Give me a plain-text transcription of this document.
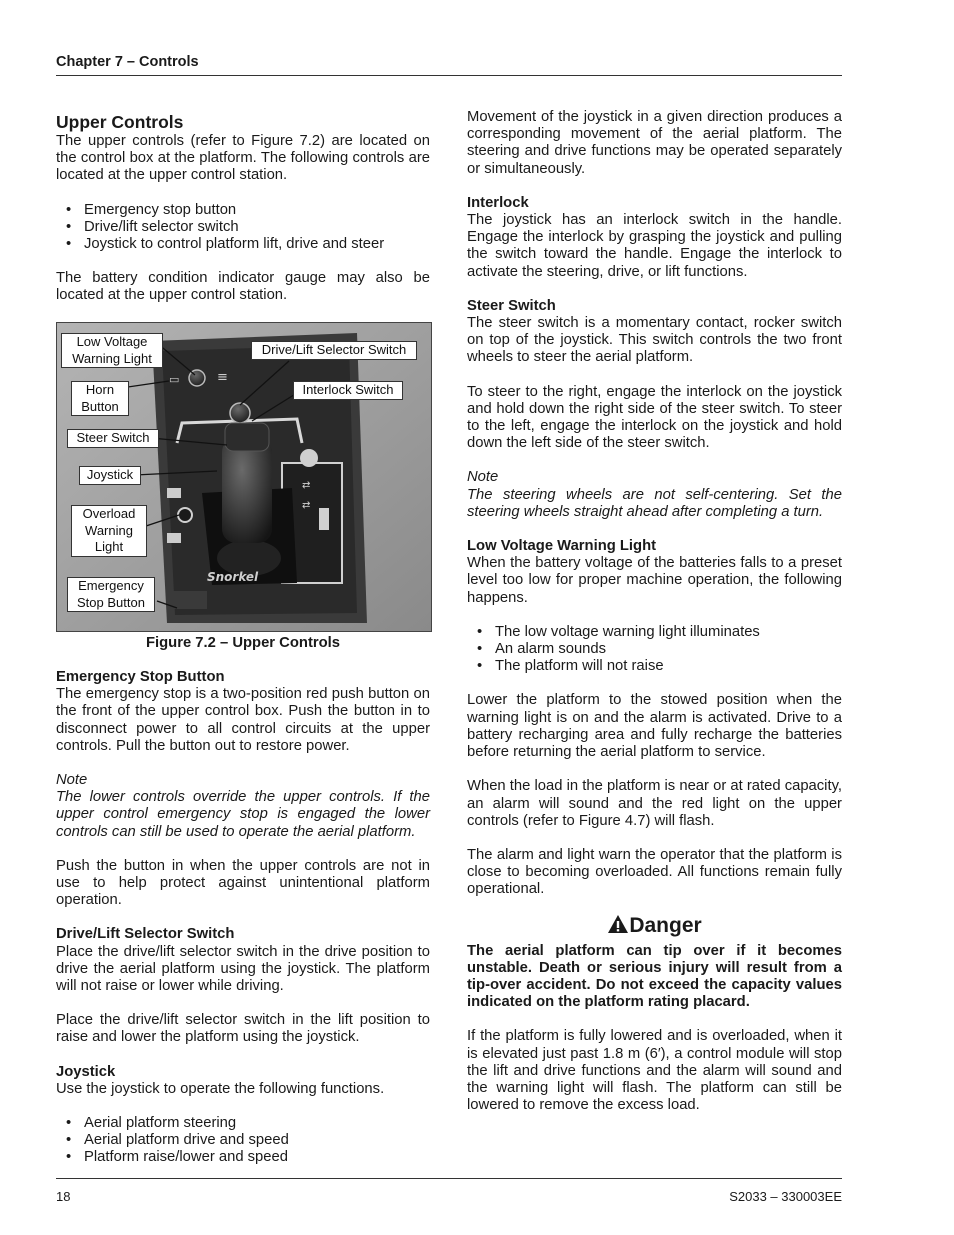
Chapter 7 – Controls

Upper Controls

The upper controls (refer to Figure 7.2) are located on the control box at the platform. The following controls are located at the upper control station.

• Emergency stop button
• Drive/lift selector switch
• Joystick to control platform lift, drive and steer

The battery condition indicator gauge may also be located at the upper control station.

⇄
⇄
▭	≡
Snorkel
Low Voltage
Warning Light
Horn
Button
Steer Switch
Joystick
Overload
Warning
Light
Emergency
Stop Button
Drive/Lift Selector Switch
Interlock Switch
Figure 7.2 – Upper Controls

Emergency Stop Button

The emergency stop is a two-position red push button on the front of the upper control box. Push the button in to disconnect power to all control circuits at the upper controls. Pull the button out to restore power.

Note

The lower controls override the upper controls. If the upper control emergency stop is engaged the lower controls can still be used to operate the aerial platform.

Push the button in when the upper controls are not in use to help protect against unintentional platform operation.

Drive/Lift Selector Switch

Place the drive/lift selector switch in the drive position to drive the aerial platform using the joystick. The platform will not raise or lower while driving.

Place the drive/lift selector switch in the lift position to raise and lower the platform using the joystick.

Joystick

Use the joystick to operate the following functions.

• Aerial platform steering
• Aerial platform drive and speed
• Platform raise/lower and speed

Movement of the joystick in a given direction produces a corresponding movement of the aerial platform. The steering and drive functions may be operated separately or simultaneously.

Interlock

The joystick has an interlock switch in the handle. Engage the interlock by grasping the joystick and pulling the switch toward the handle. Engage the interlock to activate the steering, drive, or lift functions.

Steer Switch

The steer switch is a momentary contact, rocker switch on top of the joystick. This switch controls the two front wheels to steer the aerial platform.

To steer to the right, engage the interlock on the joystick and hold down the right side of the steer switch. To steer to the left, engage the interlock on the joystick and hold down the left side of the steer switch.

Note

The steering wheels are not self-centering. Set the steering wheels straight ahead after completing a turn.

Low Voltage Warning Light

When the battery voltage of the batteries falls to a preset level too low for proper machine operation, the following happens.

• The low voltage warning light illuminates
• An alarm sounds
• The platform will not raise

Lower the platform to the stowed position when the warning light is on and the alarm is activated. Drive to a battery recharging area and fully recharge the batteries before returning the aerial platform to service.

When the load in the platform is near or at rated capacity, an alarm will sound and the red light on the upper controls (refer to Figure 4.7) will flash.

The alarm and light warn the operator that the platform is close to becoming overloaded. All functions remain fully operational.

Danger

The aerial platform can tip over if it becomes unstable. Death or serious injury will result from a tip-over accident. Do not exceed the capacity values indicated on the platform rating placard.

If the platform is fully lowered and is overloaded, when it is elevated just past 1.8 m (6′), a control module will stop the lift and drive functions and the alarm will sound and the warning light will flash. The platform can still be lowered to remove the excess load.

18	S2033 – 330003EE
